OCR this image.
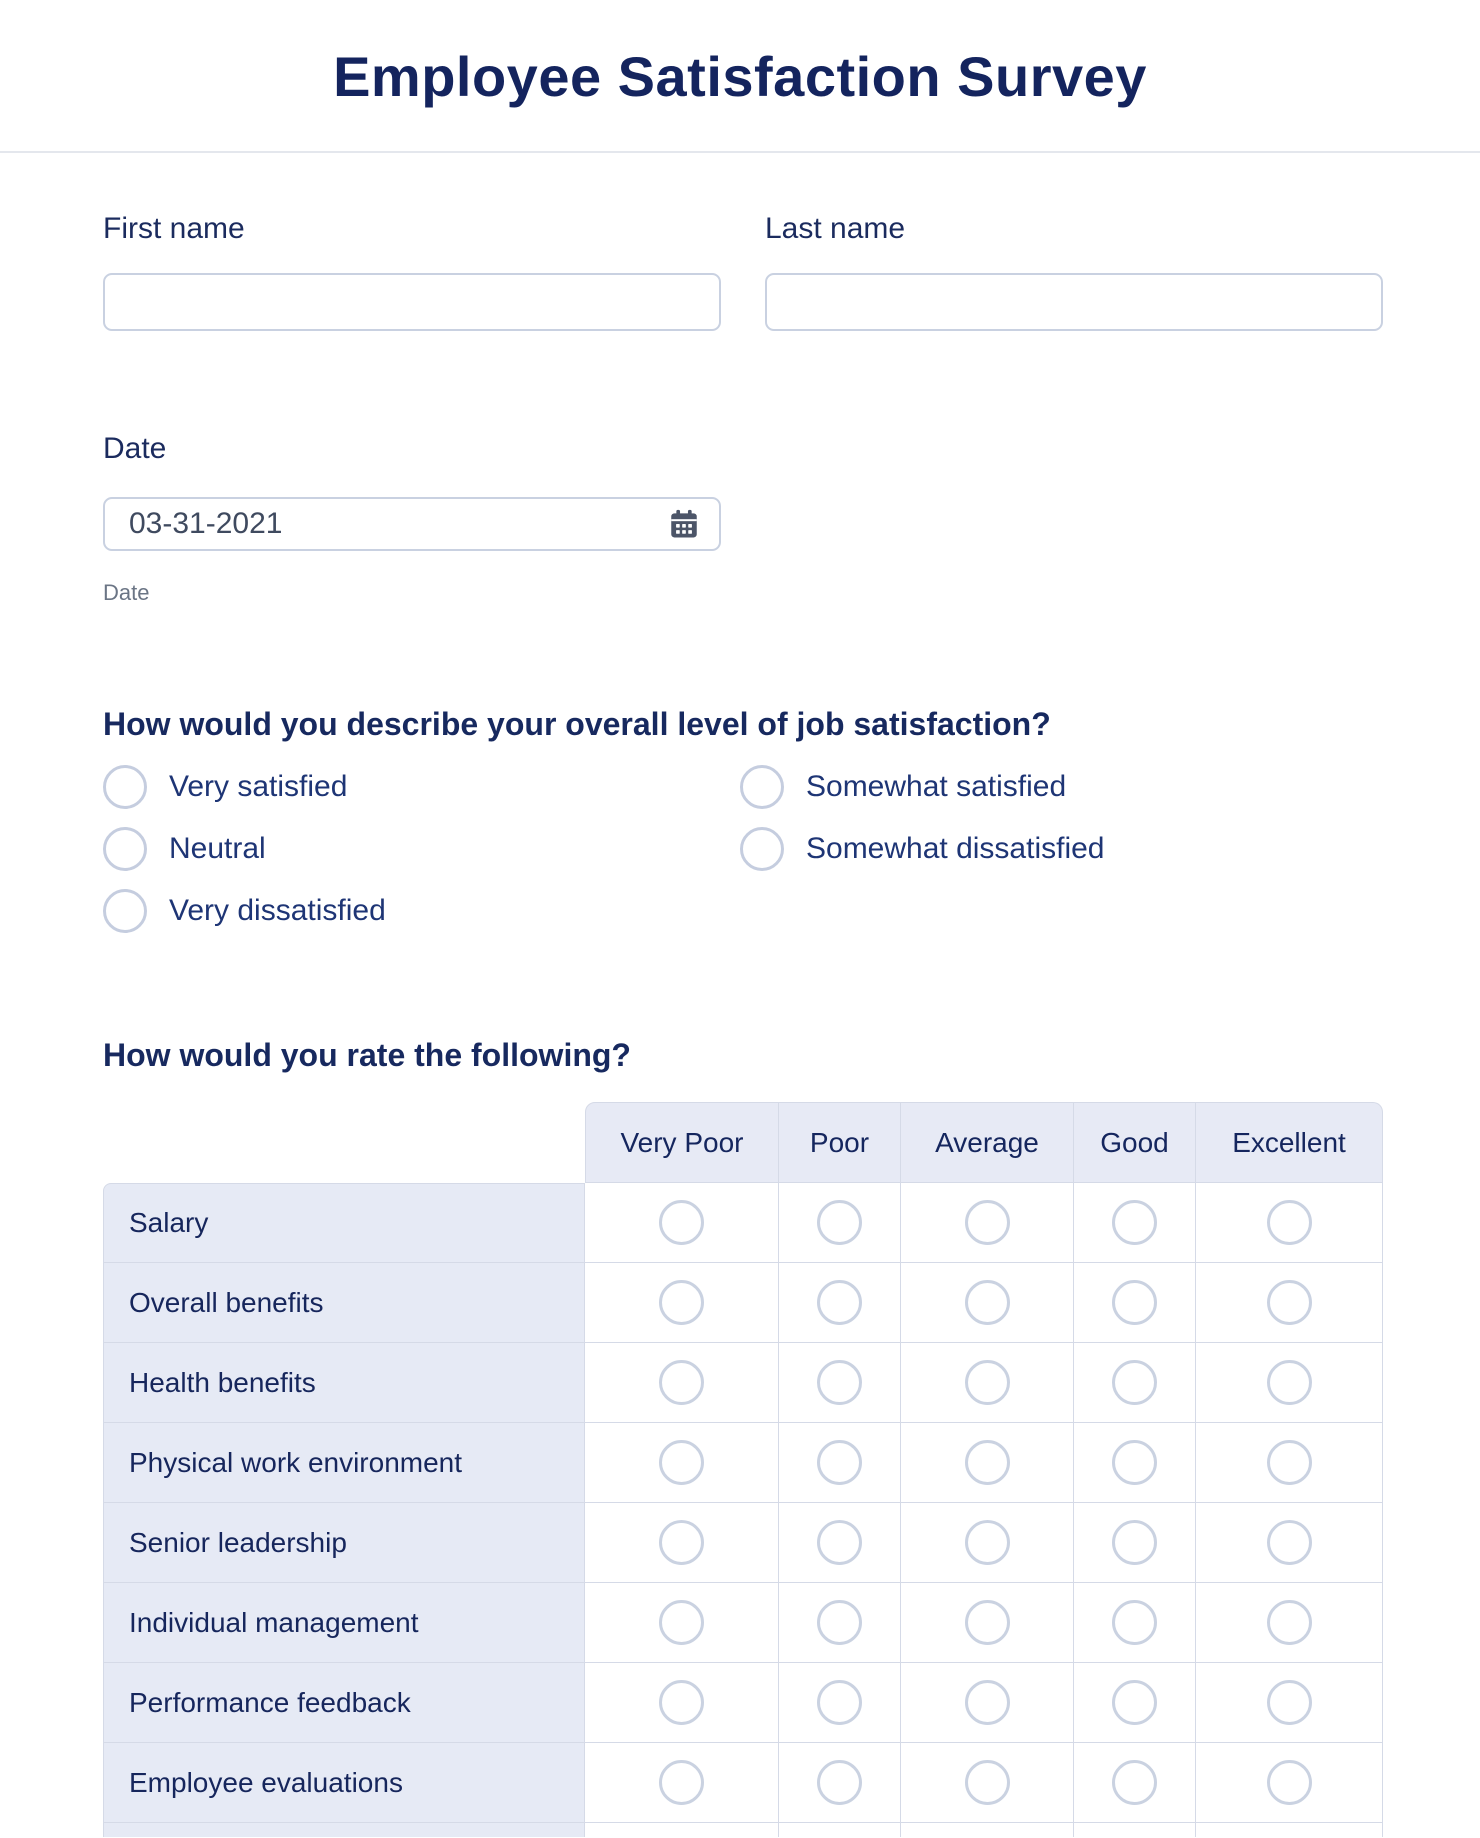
Employee Satisfaction Survey
First name	Last name
Date
03-31-2021
Date
How would you describe your overall level of job satisfaction?
Very satisfied	Somewhat satisfied
Neutral	Somewhat dissatisfied
Very dissatisfied
How would you rate the following?
Very Poor	Poor	Average	Good	Excellent
Salary
Overall benefits
Health benefits
Physical work environment
Senior leadership
Individual management
Performance feedback
Employee evaluations
